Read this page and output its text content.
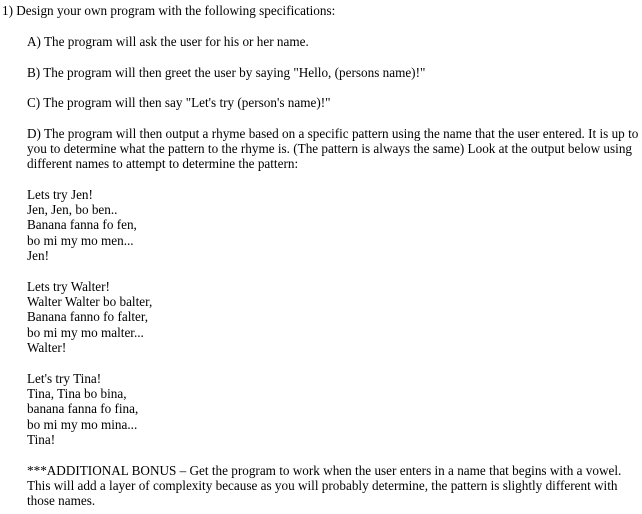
1) Design your own program with the following specifications:
A) The program will ask the user for his or her name.
B) The program will then greet the user by saying "Hello, (persons name)!"
C) The program will then say "Let's try (person's name)!"
D) The program will then output a rhyme based on a specific pattern using the name that the user entered. It is up to
you to determine what the pattern to the rhyme is. (The pattern is always the same) Look at the output below using
different names to attempt to determine the pattern:
Lets try Jen!
Jen, Jen, bo ben..
Banana fanna fo fen,
bo mi my mo men...
Jen!
Lets try Walter!
Walter Walter bo balter,
Banana fanno fo falter,
bo mi my mo malter...
Walter!
Let's try Tina!
Tina, Tina bo bina,
banana fanna fo fina,
bo mi my mo mina...
Tina!
***ADDITIONAL BONUS – Get the program to work when the user enters in a name that begins with a vowel.
This will add a layer of complexity because as you will probably determine, the pattern is slightly different with
those names.
